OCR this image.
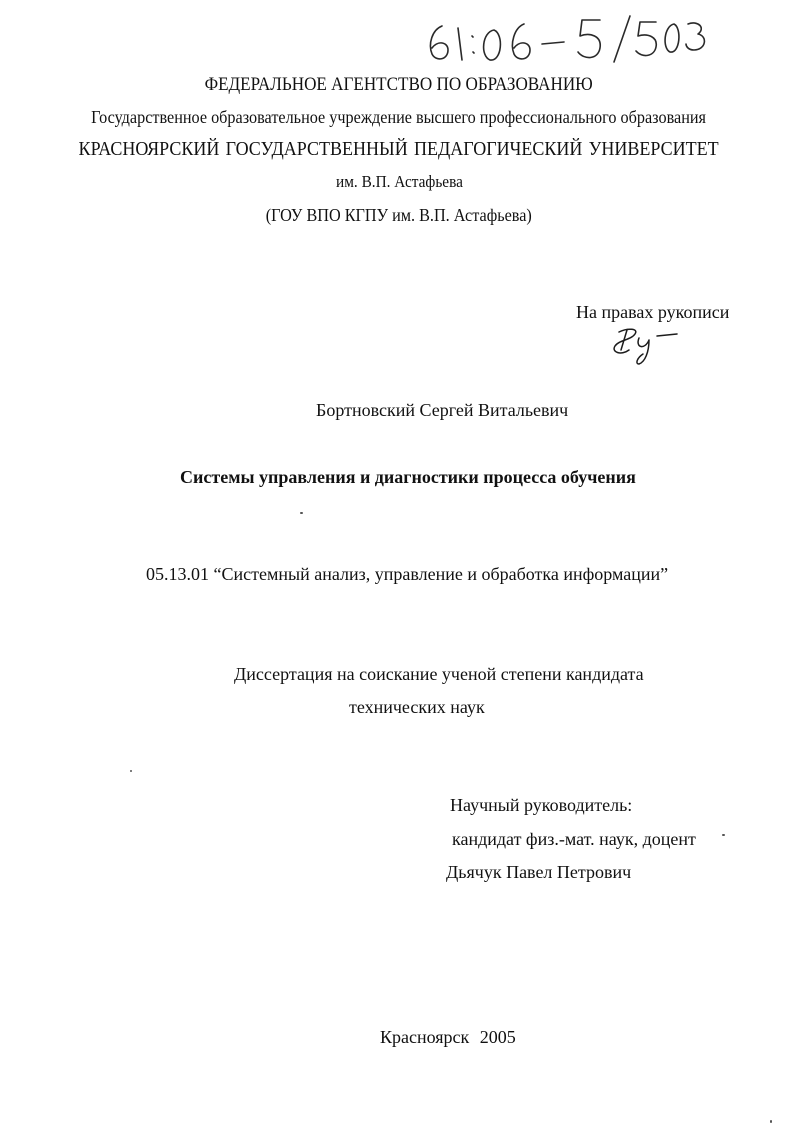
ФЕДЕРАЛЬНОЕ АГЕНТСТВО ПО ОБРАЗОВАНИЮ
Государственное образовательное учреждение высшего профессионального образования
КРАСНОЯРСКИЙ ГОСУДАРСТВЕННЫЙ ПЕДАГОГИЧЕСКИЙ УНИВЕРСИТЕТ
им. В.П. Астафьева
(ГОУ ВПО КГПУ им. В.П. Астафьева)
На правах рукописи
Бортновский Сергей Витальевич
Системы управления и диагностики процесса обучения
05.13.01 “Системный анализ, управление и обработка информации”
Диссертация на соискание ученой степени кандидата
технических наук
Научный руководитель:
кандидат физ.-мат. наук, доцент
Дьячук Павел Петрович
Красноярск 2005
